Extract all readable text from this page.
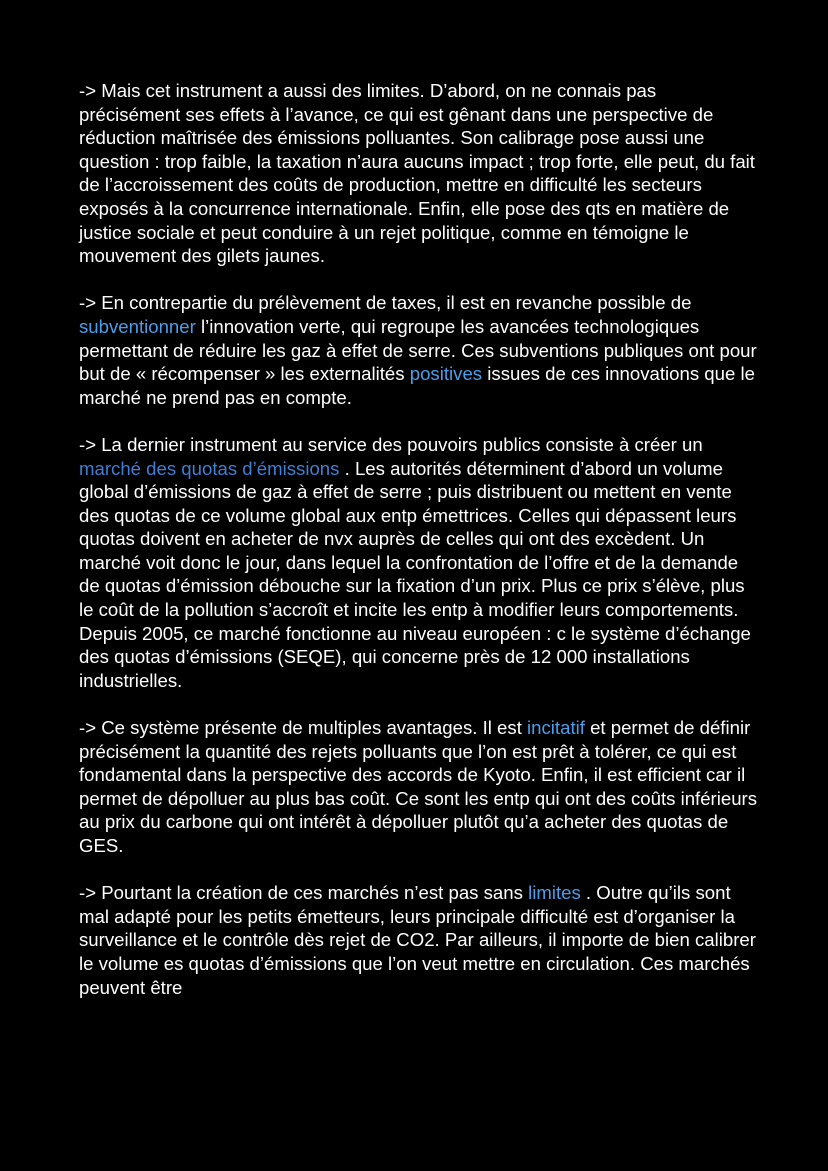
-> Mais cet instrument a aussi des limites. D’abord, on ne connais pas précisément ses effets à l’avance, ce qui est gênant dans une perspective de réduction maîtrisée des émissions polluantes. Son calibrage pose aussi une question : trop faible, la taxation n’aura aucuns impact ; trop forte, elle peut, du fait de l’accroissement des coûts de production, mettre en difficulté les secteurs exposés à la concurrence internationale. Enfin, elle pose des qts en matière de justice sociale et peut conduire à un rejet politique, comme en témoigne le mouvement des gilets jaunes.

-> En contrepartie du prélèvement de taxes, il est en revanche possible de subventionner l’innovation verte, qui regroupe les avancées technologiques permettant de réduire les gaz à effet de serre. Ces subventions publiques ont pour but de « récompenser » les externalités positives issues de ces innovations que le marché ne prend pas en compte.

-> La dernier instrument au service des pouvoirs publics consiste à créer un marché des quotas d’émissions . Les autorités déterminent d’abord un volume global d’émissions de gaz à effet de serre ; puis distribuent ou mettent en vente des quotas de ce volume global aux entp émettrices. Celles qui dépassent leurs quotas doivent en acheter de nvx auprès de celles qui ont des excèdent. Un marché voit donc le jour, dans lequel la confrontation de l’offre et de la demande de quotas d’émission débouche sur la fixation d’un prix. Plus ce prix s’élève, plus le coût de la pollution s’accroît et incite les entp à modifier leurs comportements. Depuis 2005, ce marché fonctionne au niveau européen : c le système d’échange des quotas d’émissions (SEQE), qui concerne près de 12 000 installations industrielles.

-> Ce système présente de multiples avantages. Il est incitatif et permet de définir précisément la quantité des rejets polluants que l’on est prêt à tolérer, ce qui est fondamental dans la perspective des accords de Kyoto. Enfin, il est efficient car il permet de dépolluer au plus bas coût. Ce sont les entp qui ont des coûts inférieurs au prix du carbone qui ont intérêt à dépolluer plutôt qu’a acheter des quotas de GES.

-> Pourtant la création de ces marchés n’est pas sans limites . Outre qu’ils sont mal adapté pour les petits émetteurs, leurs principale difficulté est d’organiser la surveillance et le contrôle dès rejet de CO2. Par ailleurs, il importe de bien calibrer le volume es quotas d’émissions que l’on veut mettre en circulation. Ces marchés peuvent être
